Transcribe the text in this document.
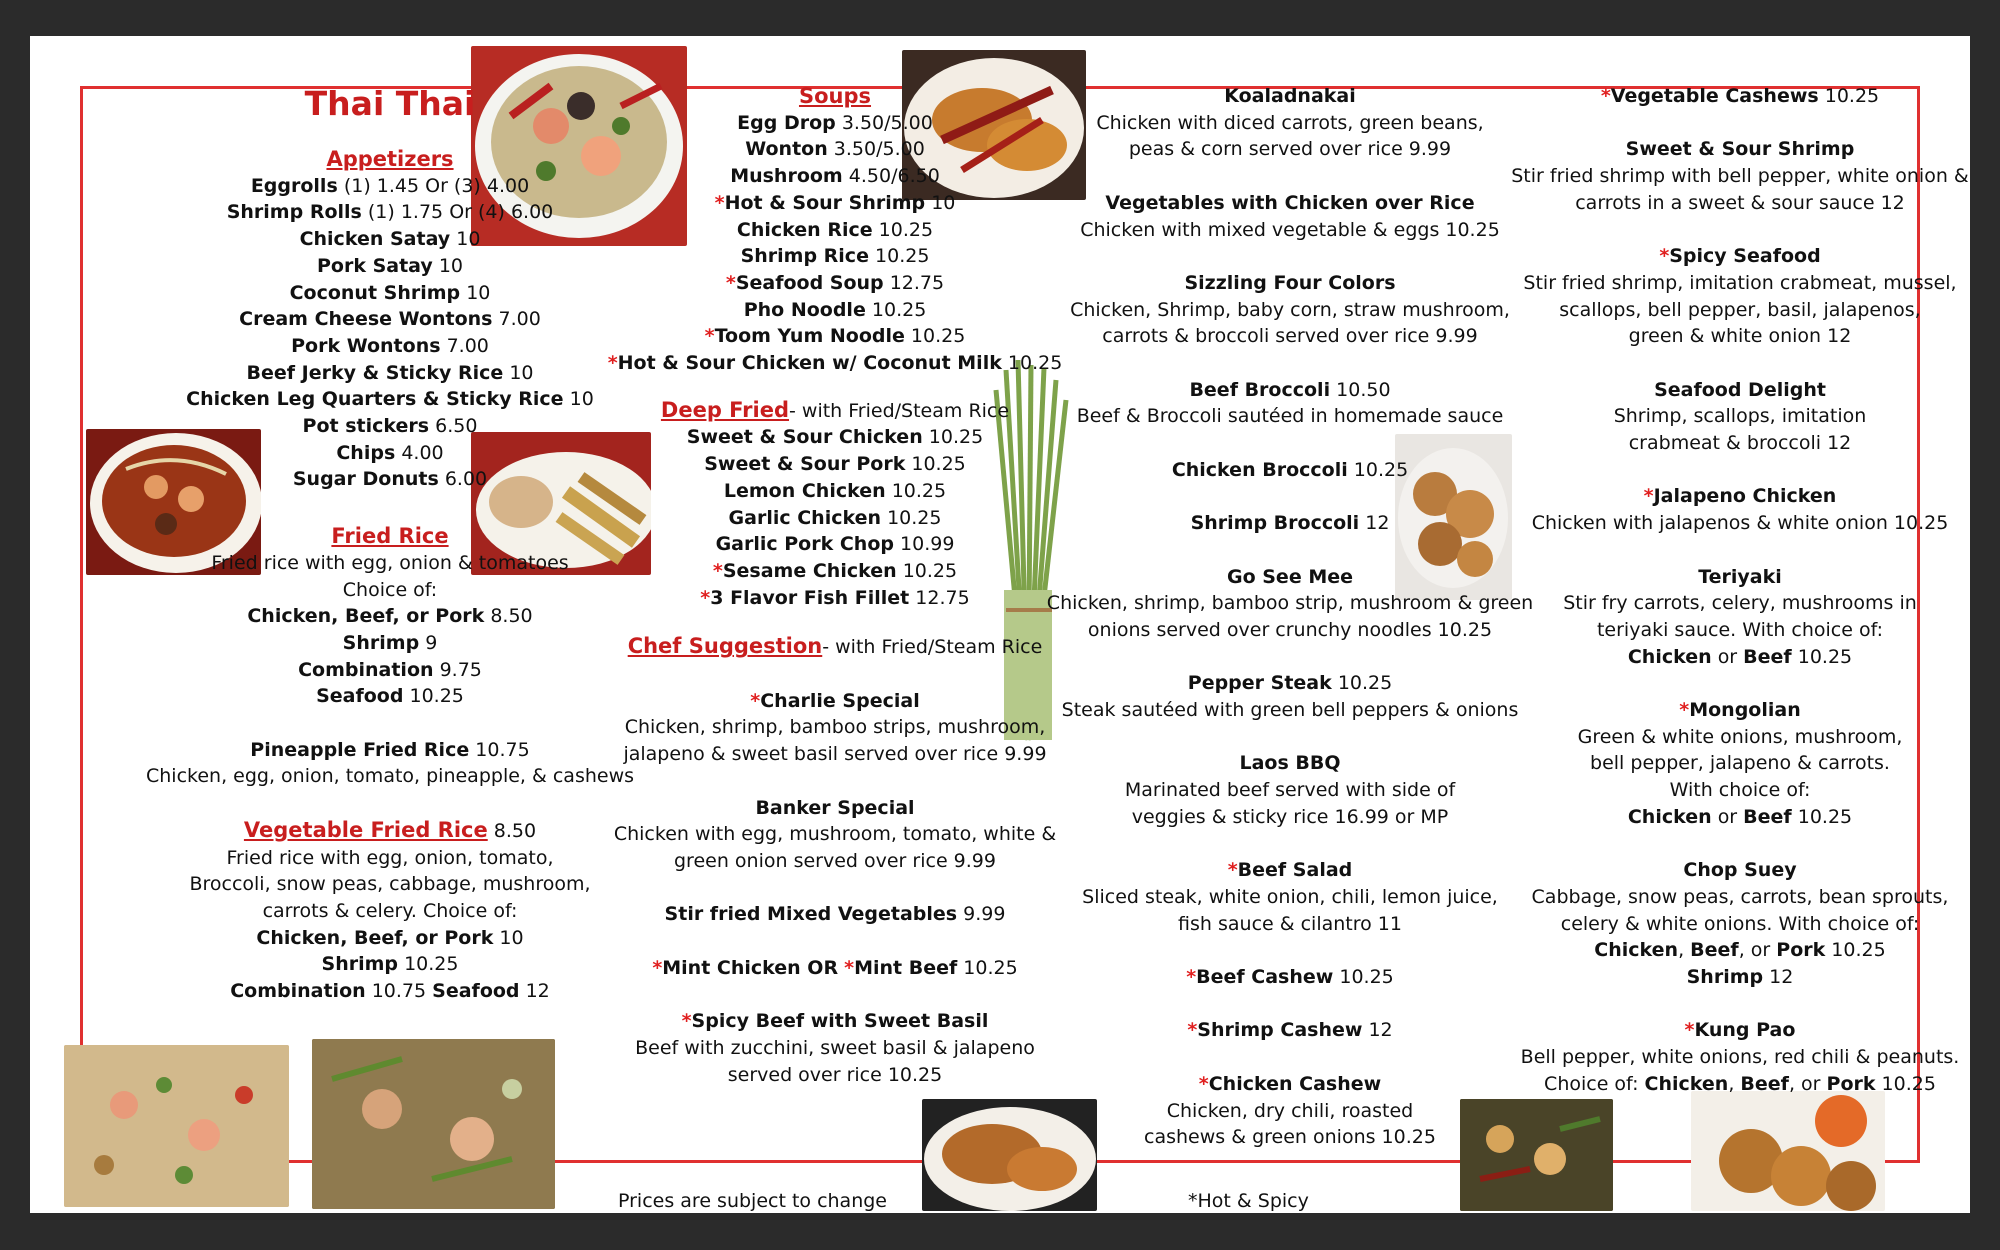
Thai Thai
Appetizers
Eggrolls (1) 1.45 Or (3) 4.00
Shrimp Rolls (1) 1.75 Or (4) 6.00
Chicken Satay 10
Pork Satay 10
Coconut Shrimp 10
Cream Cheese Wontons 7.00
Pork Wontons 7.00
Beef Jerky & Sticky Rice 10
Chicken Leg Quarters & Sticky Rice 10
Pot stickers 6.50
Chips 4.00
Sugar Donuts 6.00
Fried Rice
Fried rice with egg, onion & tomatoes
Choice of:
Chicken, Beef, or Pork 8.50
Shrimp 9
Combination 9.75
Seafood 10.25
Pineapple Fried Rice 10.75
Chicken, egg, onion, tomato, pineapple, & cashews
Vegetable Fried Rice 8.50
Fried rice with egg, onion, tomato,
Broccoli, snow peas, cabbage, mushroom,
carrots & celery. Choice of:
Chicken, Beef, or Pork 10
Shrimp 10.25
Combination 10.75 Seafood 12
Soups
Egg Drop 3.50/5.00
Wonton 3.50/5.00
Mushroom 4.50/6.50
*Hot & Sour Shrimp 10
Chicken Rice 10.25
Shrimp Rice 10.25
*Seafood Soup 12.75
Pho Noodle 10.25
*Toom Yum Noodle 10.25
*Hot & Sour Chicken w/ Coconut Milk 10.25
Deep Fried- with Fried/Steam Rice
Sweet & Sour Chicken 10.25
Sweet & Sour Pork 10.25
Lemon Chicken 10.25
Garlic Chicken 10.25
Garlic Pork Chop 10.99
*Sesame Chicken 10.25
*3 Flavor Fish Fillet 12.75
Chef Suggestion- with Fried/Steam Rice
*Charlie Special
Chicken, shrimp, bamboo strips, mushroom,
jalapeno & sweet basil served over rice 9.99
Banker Special
Chicken with egg, mushroom, tomato, white &
green onion served over rice 9.99
Stir fried Mixed Vegetables 9.99
*Mint Chicken OR *Mint Beef 10.25
*Spicy Beef with Sweet Basil
Beef with zucchini, sweet basil & jalapeno
served over rice 10.25
Koaladnakai
Chicken with diced carrots, green beans,
peas & corn served over rice 9.99
Vegetables with Chicken over Rice
Chicken with mixed vegetable & eggs 10.25
Sizzling Four Colors
Chicken, Shrimp, baby corn, straw mushroom,
carrots & broccoli served over rice 9.99
Beef Broccoli 10.50
Beef & Broccoli sautéed in homemade sauce
Chicken Broccoli 10.25
Shrimp Broccoli 12
Go See Mee
Chicken, shrimp, bamboo strip, mushroom & green
onions served over crunchy noodles 10.25
Pepper Steak 10.25
Steak sautéed with green bell peppers & onions
Laos BBQ
Marinated beef served with side of
veggies & sticky rice 16.99 or MP
*Beef Salad
Sliced steak, white onion, chili, lemon juice,
fish sauce & cilantro 11
*Beef Cashew 10.25
*Shrimp Cashew 12
*Chicken Cashew
Chicken, dry chili, roasted
cashews & green onions 10.25
*Vegetable Cashews 10.25
Sweet & Sour Shrimp
Stir fried shrimp with bell pepper, white onion &
carrots in a sweet & sour sauce 12
*Spicy Seafood
Stir fried shrimp, imitation crabmeat, mussel,
scallops, bell pepper, basil, jalapenos,
green & white onion 12
Seafood Delight
Shrimp, scallops, imitation
crabmeat & broccoli 12
*Jalapeno Chicken
Chicken with jalapenos & white onion 10.25
Teriyaki
Stir fry carrots, celery, mushrooms in
teriyaki sauce. With choice of:
Chicken or Beef 10.25
*Mongolian
Green & white onions, mushroom,
bell pepper, jalapeno & carrots.
With choice of:
Chicken or Beef 10.25
Chop Suey
Cabbage, snow peas, carrots, bean sprouts,
celery & white onions. With choice of:
Chicken, Beef, or Pork 10.25
Shrimp 12
*Kung Pao
Bell pepper, white onions, red chili & peanuts.
Choice of: Chicken, Beef, or Pork 10.25
Prices are subject to change	*Hot & Spicy
